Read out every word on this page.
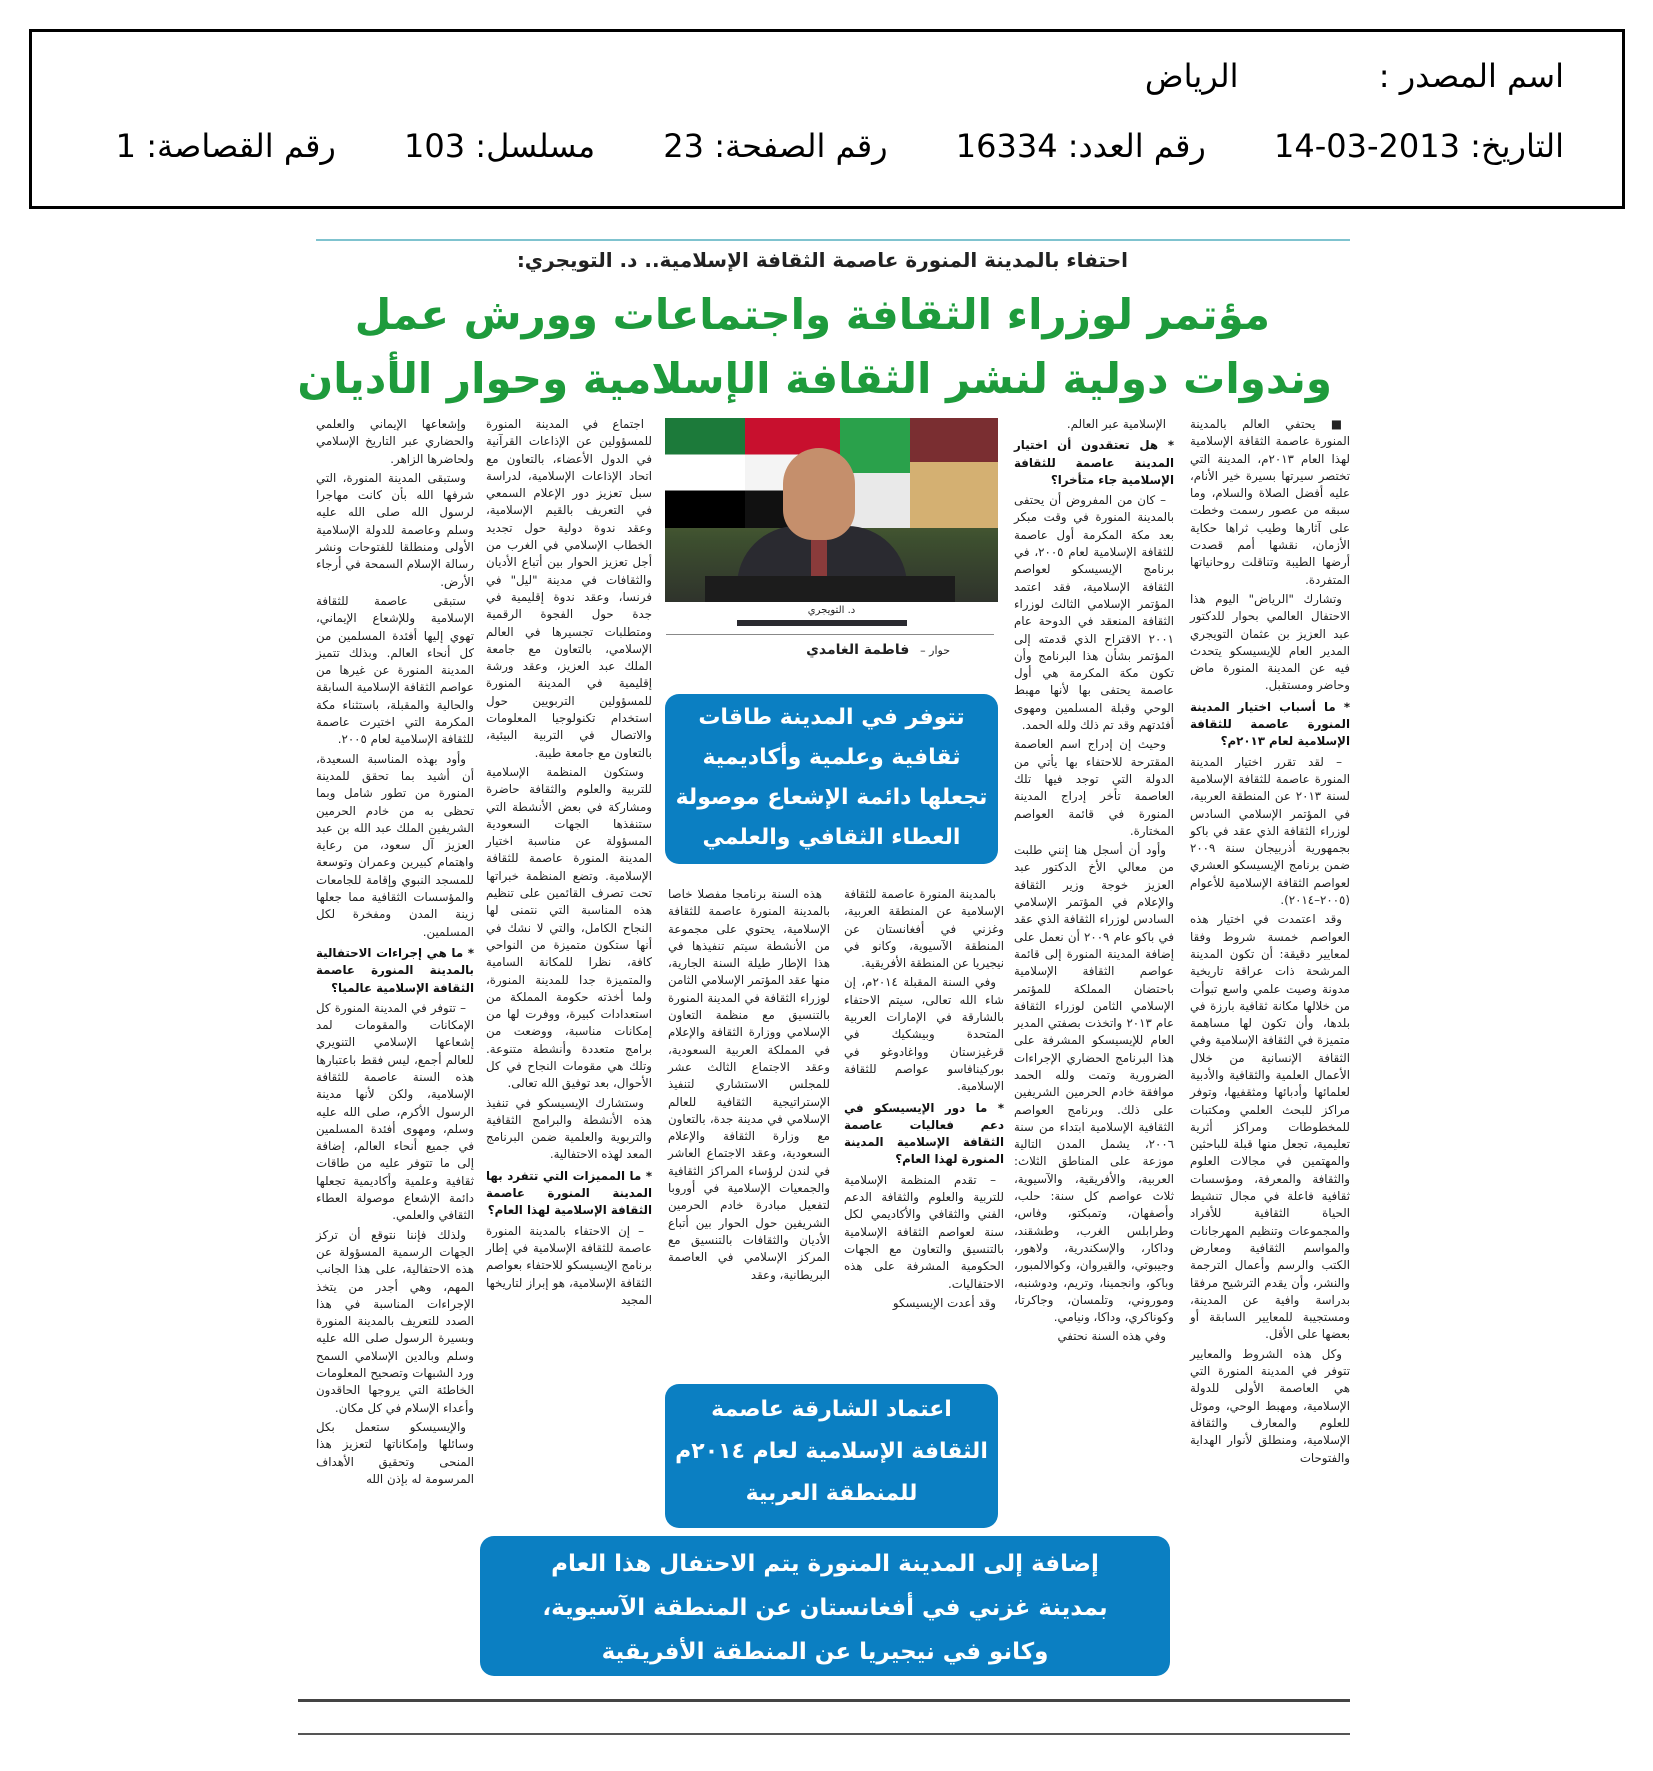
اسم المصدر : الرياض
التاريخ: 2013-03-14 رقم العدد: 16334 رقم الصفحة: 23 مسلسل: 103 رقم القصاصة: 1
احتفاء بالمدينة المنورة عاصمة الثقافة الإسلامية.. د. التويجري:
مؤتمر لوزراء الثقافة واجتماعات وورش عمل
وندوات دولية لنشر الثقافة الإسلامية وحوار الأديان

■ يحتفي العالم بالمدينة المنورة عاصمة الثقافة الإسلامية لهذا العام ٢٠١٣م، المدينة التي تختصر سيرتها بسيرة خير الأنام، عليه أفضل الصلاة والسلام، وما سبقه من عصور رسمت وخطت على آثارها وطيب ثراها حكاية الأزمان، نقشها أمم قصدت أرضها الطيبة وتناقلت روحانياتها المتفردة.

وتشارك "الرياض" اليوم هذا الاحتفال العالمي بحوار للدكتور عبد العزيز بن عثمان التويجري المدير العام للإيسيسكو يتحدث فيه عن المدينة المنورة ماض وحاضر ومستقبل.

* ما أسباب اختيار المدينة المنورة عاصمة للثقافة الإسلامية لعام ٢٠١٣م؟

– لقد تقرر اختيار المدينة المنورة عاصمة للثقافة الإسلامية لسنة ٢٠١٣ عن المنطقة العربية، في المؤتمر الإسلامي السادس لوزراء الثقافة الذي عقد في باكو بجمهورية أذربيجان سنة ٢٠٠٩ ضمن برنامج الإيسيسكو العشري لعواصم الثقافة الإسلامية للأعوام (٢٠٠٥–٢٠١٤).

وقد اعتمدت في اختيار هذه العواصم خمسة شروط وفقا لمعايير دقيقة: أن تكون المدينة المرشحة ذات عراقة تاريخية مدونة وصيت علمي واسع تبوأت من خلالها مكانة ثقافية بارزة في بلدها، وأن تكون لها مساهمة متميزة في الثقافة الإسلامية وفي الثقافة الإنسانية من خلال الأعمال العلمية والثقافية والأدبية لعلمائها وأدبائها ومثقفيها، وتوفر مراكز للبحث العلمي ومكتبات للمخطوطات ومراكز أثرية تعليمية، تجعل منها قبلة للباحثين والمهتمين في مجالات العلوم والثقافة والمعرفة، ومؤسسات ثقافية فاعلة في مجال تنشيط الحياة الثقافية للأفراد والمجموعات وتنظيم المهرجانات والمواسم الثقافية ومعارض الكتب والرسم وأعمال الترجمة والنشر، وأن يقدم الترشيح مرفقا بدراسة وافية عن المدينة، ومستجيبة للمعايير السابقة أو بعضها على الأقل.

وكل هذه الشروط والمعايير تتوفر في المدينة المنورة التي هي العاصمة الأولى للدولة الإسلامية، ومهبط الوحي، وموئل للعلوم والمعارف والثقافة الإسلامية، ومنطلق لأنوار الهداية والفتوحات

الإسلامية عبر العالم.

* هل تعتقدون أن اختيار المدينة عاصمة للثقافة الإسلامية جاء متأخرا؟

– كان من المفروض أن يحتفى بالمدينة المنورة في وقت مبكر بعد مكة المكرمة أول عاصمة للثقافة الإسلامية لعام ٢٠٠٥، في برنامج الإيسيسكو لعواصم الثقافة الإسلامية، فقد اعتمد المؤتمر الإسلامي الثالث لوزراء الثقافة المنعقد في الدوحة عام ٢٠٠١ الاقتراح الذي قدمته إلى المؤتمر بشأن هذا البرنامج وأن تكون مكة المكرمة هي أول عاصمة يحتفى بها لأنها مهبط الوحي وقبلة المسلمين ومهوى أفئدتهم وقد تم ذلك ولله الحمد.

وحيث إن إدراج اسم العاصمة المقترحة للاحتفاء بها يأتي من الدولة التي توجد فيها تلك العاصمة تأخر إدراج المدينة المنورة في قائمة العواصم المختارة.

وأود أن أسجل هنا إنني طلبت من معالي الأخ الدكتور عبد العزيز خوجة وزير الثقافة والإعلام في المؤتمر الإسلامي السادس لوزراء الثقافة الذي عقد في باكو عام ٢٠٠٩ أن نعمل على إضافة المدينة المنورة إلى قائمة عواصم الثقافة الإسلامية باحتضان المملكة للمؤتمر الإسلامي الثامن لوزراء الثقافة عام ٢٠١٣ واتخذت بصفتي المدير العام للإيسيسكو المشرفة على هذا البرنامج الحضاري الإجراءات الضرورية وتمت ولله الحمد موافقة خادم الحرمين الشريفين على ذلك. وبرنامج العواصم الثقافية الإسلامية ابتداء من سنة ٢٠٠٦، يشمل المدن التالية موزعة على المناطق الثلاث: العربية، والأفريقية، والآسيوية، ثلاث عواصم كل سنة: حلب، وأصفهان، وتمبكتو، وفاس، وطرابلس الغرب، وطشقند، وداكار، والإسكندرية، ولاهور، وجيبوتي، والقيروان، وكوالالمبور، وباكو، وانجمينا، وتريم، ودوشنبه، وموروني، وتلمسان، وجاكرتا، وكوناكري، وداكا، ونيامي.

وفي هذه السنة نحتفي

د. التويجري
حوار – فاطمة الغامدي
تتوفر في المدينة طاقات
ثقافية وعلمية وأكاديمية
تجعلها دائمة الإشعاع موصولة
العطاء الثقافي والعلمي

بالمدينة المنورة عاصمة للثقافة الإسلامية عن المنطقة العربية، وغزني في أفغانستان عن المنطقة الآسيوية، وكانو في نيجيريا عن المنطقة الأفريقية.

وفي السنة المقبلة ٢٠١٤م، إن شاء الله تعالى، سيتم الاحتفاء بالشارقة في الإمارات العربية المتحدة وبيشكيك في قرغيزستان وواغادوغو في بوركينافاسو عواصم للثقافة الإسلامية.

* ما دور الإيسيسكو في دعم فعاليات عاصمة الثقافة الإسلامية المدينة المنورة لهذا العام؟

– تقدم المنظمة الإسلامية للتربية والعلوم والثقافة الدعم الفني والثقافي والأكاديمي لكل سنة لعواصم الثقافة الإسلامية بالتنسيق والتعاون مع الجهات الحكومية المشرفة على هذه الاحتفاليات.

وقد أعدت الإيسيسكو

هذه السنة برنامجا مفصلا خاصا بالمدينة المنورة عاصمة للثقافة الإسلامية، يحتوي على مجموعة من الأنشطة سيتم تنفيذها في هذا الإطار طيلة السنة الجارية، منها عقد المؤتمر الإسلامي الثامن لوزراء الثقافة في المدينة المنورة بالتنسيق مع منظمة التعاون الإسلامي ووزارة الثقافة والإعلام في المملكة العربية السعودية، وعقد الاجتماع الثالث عشر للمجلس الاستشاري لتنفيذ الإستراتيجية الثقافية للعالم الإسلامي في مدينة جدة، بالتعاون مع وزارة الثقافة والإعلام السعودية، وعقد الاجتماع العاشر في لندن لرؤساء المراكز الثقافية والجمعيات الإسلامية في أوروبا لتفعيل مبادرة خادم الحرمين الشريفين حول الحوار بين أتباع الأديان والثقافات بالتنسيق مع المركز الإسلامي في العاصمة البريطانية، وعقد

اعتماد الشارقة عاصمة
الثقافة الإسلامية لعام ٢٠١٤م
للمنطقة العربية

اجتماع في المدينة المنورة للمسؤولين عن الإذاعات القرآنية في الدول الأعضاء، بالتعاون مع اتحاد الإذاعات الإسلامية، لدراسة سبل تعزيز دور الإعلام السمعي في التعريف بالقيم الإسلامية، وعقد ندوة دولية حول تجديد الخطاب الإسلامي في الغرب من أجل تعزيز الحوار بين أتباع الأديان والثقافات في مدينة "ليل" في فرنسا، وعقد ندوة إقليمية في جدة حول الفجوة الرقمية ومتطلبات تجسيرها في العالم الإسلامي، بالتعاون مع جامعة الملك عبد العزيز، وعقد ورشة إقليمية في المدينة المنورة للمسؤولين التربويين حول استخدام تكنولوجيا المعلومات والاتصال في التربية البيئية، بالتعاون مع جامعة طيبة.

وستكون المنظمة الإسلامية للتربية والعلوم والثقافة حاضرة ومشاركة في بعض الأنشطة التي ستنفذها الجهات السعودية المسؤولة عن مناسبة اختيار المدينة المنورة عاصمة للثقافة الإسلامية. وتضع المنظمة خبراتها تحت تصرف القائمين على تنظيم هذه المناسبة التي نتمنى لها النجاح الكامل، والتي لا نشك في أنها ستكون متميزة من النواحي كافة، نظرا للمكانة السامية والمتميزة جدا للمدينة المنورة، ولما أخذته حكومة المملكة من استعدادات كبيرة، ووفرت لها من إمكانات مناسبة، ووضعت من برامج متعددة وأنشطة متنوعة. وتلك هي مقومات النجاح في كل الأحوال، بعد توفيق الله تعالى.

وستشارك الإيسيسكو في تنفيذ هذه الأنشطة والبرامج الثقافية والتربوية والعلمية ضمن البرنامج المعد لهذه الاحتفالية.

* ما المميزات التي تتفرد بها المدينة المنورة عاصمة الثقافة الإسلامية لهذا العام؟

– إن الاحتفاء بالمدينة المنورة عاصمة للثقافة الإسلامية في إطار برنامج الإيسيسكو للاحتفاء بعواصم الثقافة الإسلامية، هو إبراز لتاريخها المجيد

وإشعاعها الإيماني والعلمي والحضاري عبر التاريخ الإسلامي ولحاضرها الزاهر.

وستبقى المدينة المنورة، التي شرفها الله بأن كانت مهاجرا لرسول الله صلى الله عليه وسلم وعاصمة للدولة الإسلامية الأولى ومنطلقا للفتوحات ونشر رسالة الإسلام السمحة في أرجاء الأرض.

ستبقى عاصمة للثقافة الإسلامية وللإشعاع الإيماني، تهوي إليها أفئدة المسلمين من كل أنحاء العالم. وبذلك تتميز المدينة المنورة عن غيرها من عواصم الثقافة الإسلامية السابقة والحالية والمقبلة، باستثناء مكة المكرمة التي اختيرت عاصمة للثقافة الإسلامية لعام ٢٠٠٥.

وأود بهذه المناسبة السعيدة، أن أشيد بما تحقق للمدينة المنورة من تطور شامل وبما تحظى به من خادم الحرمين الشريفين الملك عبد الله بن عبد العزيز آل سعود، من رعاية واهتمام كبيرين وعمران وتوسعة للمسجد النبوي وإقامة للجامعات والمؤسسات الثقافية مما جعلها زينة المدن ومفخرة لكل المسلمين.

* ما هي إجراءات الاحتفالية بالمدينة المنورة عاصمة الثقافة الإسلامية عالميا؟

– تتوفر في المدينة المنورة كل الإمكانات والمقومات لمد إشعاعها الإسلامي التنويري للعالم أجمع، ليس فقط باعتبارها هذه السنة عاصمة للثقافة الإسلامية، ولكن لأنها مدينة الرسول الأكرم، صلى الله عليه وسلم، ومهوى أفئدة المسلمين في جميع أنحاء العالم، إضافة إلى ما تتوفر عليه من طاقات ثقافية وعلمية وأكاديمية تجعلها دائمة الإشعاع موصولة العطاء الثقافي والعلمي.

ولذلك فإننا نتوقع أن تركز الجهات الرسمية المسؤولة عن هذه الاحتفالية، على هذا الجانب المهم، وهي أجدر من يتخذ الإجراءات المناسبة في هذا الصدد للتعريف بالمدينة المنورة وبسيرة الرسول صلى الله عليه وسلم وبالدين الإسلامي السمح ورد الشبهات وتصحيح المعلومات الخاطئة التي يروجها الحاقدون وأعداء الإسلام في كل مكان.

والإيسيسكو ستعمل بكل وسائلها وإمكاناتها لتعزيز هذا المنحى وتحقيق الأهداف المرسومة له بإذن الله

إضافة إلى المدينة المنورة يتم الاحتفال هذا العام
بمدينة غزني في أفغانستان عن المنطقة الآسيوية،
وكانو في نيجيريا عن المنطقة الأفريقية
